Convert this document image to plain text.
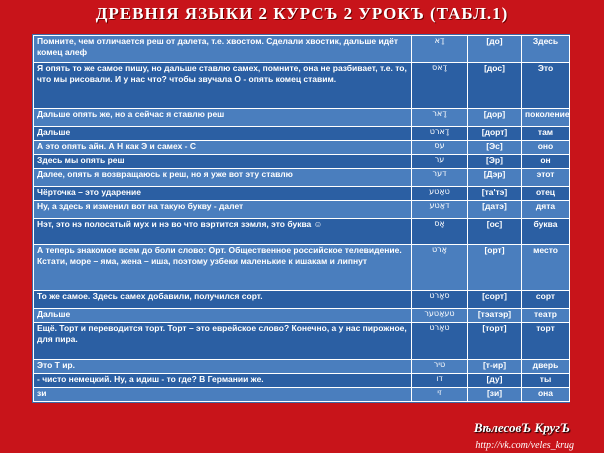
ДРЕВНIЯ ЯЗЫКИ 2 КУРСЪ 2 УРОКЪ (ТАБЛ.1)
Помните, чем отличается реш от далета, т.е. хвостом. Сделали хвостик, дальше идёт комец алеф	דָא	[до]	Здесь
Я опять то же самое пишу, но дальше ставлю самех, помните, она не разбивает, т.е. то, что мы рисовали. И у нас что? чтобы звучала О - опять комец ставим.	דָאס	[дос]	Это
Дальше опять же, но а сейчас я ставлю реш	דָאר	[дор]	поколение
Дальше	דָארט	[дорт]	там
А это опять айн. А Н как Э и самех - С	עס	[Эс]	оно
Здесь мы опять реш	ער	[Эр]	он
Далее, опять я возвращаюсь к реш, но я уже вот эту ставлю	דער	[Дэр]	этот
Чёрточка – это ударение	טאַטע	[та'тэ]	отец
Ну, а здесь я изменил вот на такую букву - далет	דאַטע	[датэ]	дята
Нэт, это нэ полосатый мух и нэ во что вэртится зэмля, это буква ☺	אָס	[ос]	буква
А теперь знакомое всем до боли слово: Орт. Общественное российское телевидение. Кстати, море – яма, жена – иша, поэтому узбеки маленькие к ишакам и липнут	אָרט	[орт]	место
То же самое. Здесь самех добавили, получился сорт.	סאָרט	[сорт]	сорт
Дальше	טעאַטער	[тэатэр]	театр
Ещё. Торт и переводится торт. Торт – это еврейское слово? Конечно, а у нас пирожное, для пира.	טאָרט	[торт]	торт
Это Т ир.	טיר	[т-ир]	дверь
- чисто немецкий. Ну, а идиш - то где? В Германии же.	דו	[ду]	ты
зи	זי	[зи]	она
ВѣлесовЪ КругЪ
http://vk.com/veles_krug
